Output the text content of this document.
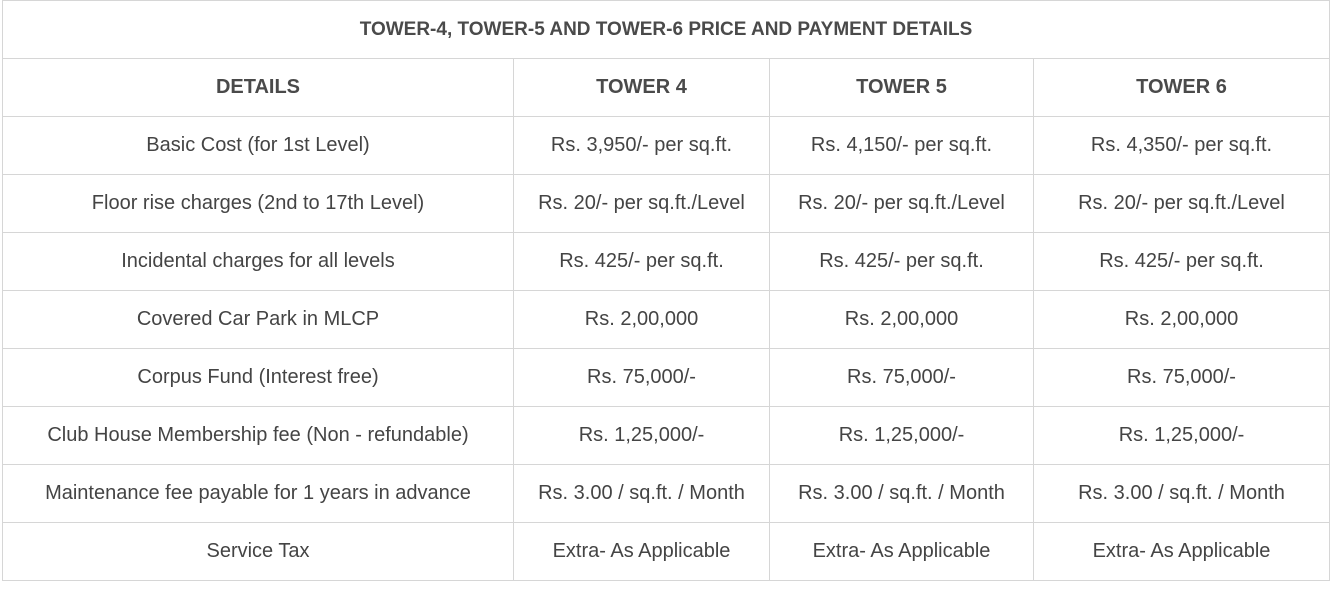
TOWER-4, TOWER-5 AND TOWER-6 PRICE AND PAYMENT DETAILS			
DETAILS	TOWER 4	TOWER 5	TOWER 6
Basic Cost (for 1st Level)	Rs. 3,950/- per sq.ft.	Rs. 4,150/- per sq.ft.	Rs. 4,350/- per sq.ft.
Floor rise charges (2nd to 17th Level)	Rs. 20/- per sq.ft./Level	Rs. 20/- per sq.ft./Level	Rs. 20/- per sq.ft./Level
Incidental charges for all levels	Rs. 425/- per sq.ft.	Rs. 425/- per sq.ft.	Rs. 425/- per sq.ft.
Covered Car Park in MLCP	Rs. 2,00,000	Rs. 2,00,000	Rs. 2,00,000
Corpus Fund (Interest free)	Rs. 75,000/-	Rs. 75,000/-	Rs. 75,000/-
Club House Membership fee (Non - refundable)	Rs. 1,25,000/-	Rs. 1,25,000/-	Rs. 1,25,000/-
Maintenance fee payable for 1 years in advance	Rs. 3.00 / sq.ft. / Month	Rs. 3.00 / sq.ft. / Month	Rs. 3.00 / sq.ft. / Month
Service Tax	Extra- As Applicable	Extra- As Applicable	Extra- As Applicable
